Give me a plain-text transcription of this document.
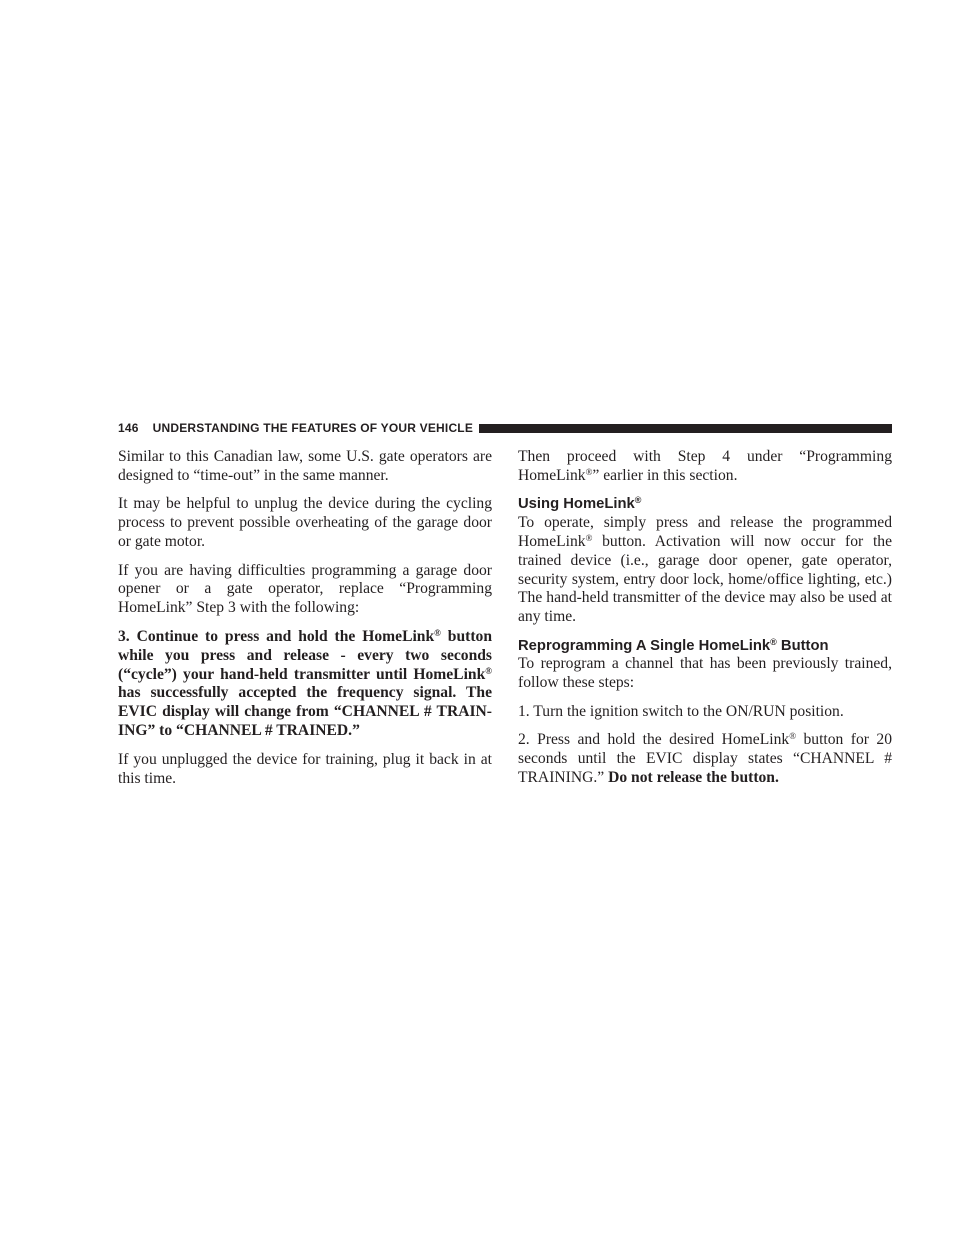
146 UNDERSTANDING THE FEATURES OF YOUR VEHICLE

Similar to this Canadian law, some U.S. gate operators are designed to “time-out” in the same manner.

It may be helpful to unplug the device during the cycling process to prevent possible overheating of the garage door or gate motor.

If you are having difficulties programming a garage door opener or a gate operator, replace “Programming HomeLink” Step 3 with the following:

3. Continue to press and hold the HomeLink® button while you press and release - every two seconds (“cycle”) your hand-held transmitter until HomeLink® has successfully accepted the frequency signal. The EVIC display will change from “CHANNEL # TRAIN-ING” to “CHANNEL # TRAINED.”

If you unplugged the device for training, plug it back in at this time.

Then proceed with Step 4 under “Programming HomeLink®” earlier in this section.

Using HomeLink®

To operate, simply press and release the programmed HomeLink® button. Activation will now occur for the trained device (i.e., garage door opener, gate operator, security system, entry door lock, home/office lighting, etc.) The hand-held transmitter of the device may also be used at any time.

Reprogramming A Single HomeLink® Button

To reprogram a channel that has been previously trained, follow these steps:

1. Turn the ignition switch to the ON/RUN position.

2. Press and hold the desired HomeLink® button for 20 seconds until the EVIC display states “CHANNEL # TRAINING.” Do not release the button.
